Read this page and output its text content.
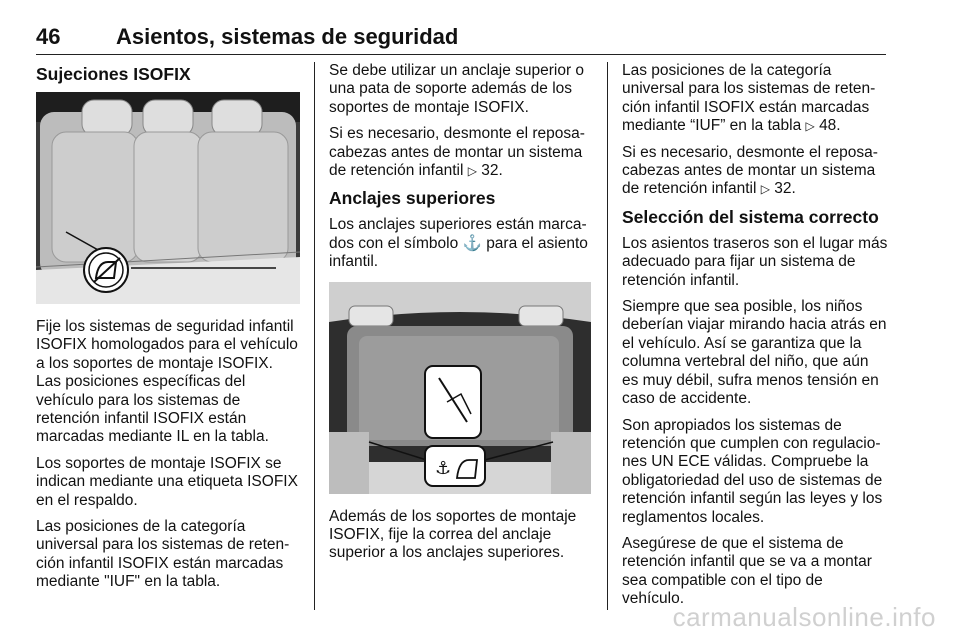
46	Asientos, sistemas de seguridad
Sujeciones ISOFIX

Fije los sistemas de seguridad infantil ISOFIX homologados para el vehículo a los soportes de montaje ISOFIX. Las posiciones específicas del vehículo para los sistemas de retención infantil ISOFIX están marcadas mediante IL en la tabla.

Los soportes de montaje ISOFIX se indican mediante una etiqueta ISOFIX en el respaldo.

Las posiciones de la categoría universal para los sistemas de retención infantil ISOFIX están marcadas mediante "IUF" en la tabla.

Se debe utilizar un anclaje superior o una pata de soporte además de los soportes de montaje ISOFIX.

Si es necesario, desmonte el reposacabezas antes de montar un sistema de retención infantil ▷ 32.

Anclajes superiores

Los anclajes superiores están marcados con el símbolo ⚓ para el asiento infantil.

⚓

Además de los soportes de montaje ISOFIX, fije la correa del anclaje superior a los anclajes superiores.

Las posiciones de la categoría universal para los sistemas de retención infantil ISOFIX están marcadas mediante “IUF” en la tabla ▷ 48.

Si es necesario, desmonte el reposacabezas antes de montar un sistema de retención infantil ▷ 32.

Selección del sistema correcto

Los asientos traseros son el lugar más adecuado para fijar un sistema de retención infantil.

Siempre que sea posible, los niños deberían viajar mirando hacia atrás en el vehículo. Así se garantiza que la columna vertebral del niño, que aún es muy débil, sufra menos tensión en caso de accidente.

Son apropiados los sistemas de retención que cumplen con regulaciones UN ECE válidas. Compruebe la obligatoriedad del uso de sistemas de retención infantil según las leyes y los reglamentos locales.

Asegúrese de que el sistema de retención infantil que se va a montar sea compatible con el tipo de vehículo.

carmanualsonline.info
